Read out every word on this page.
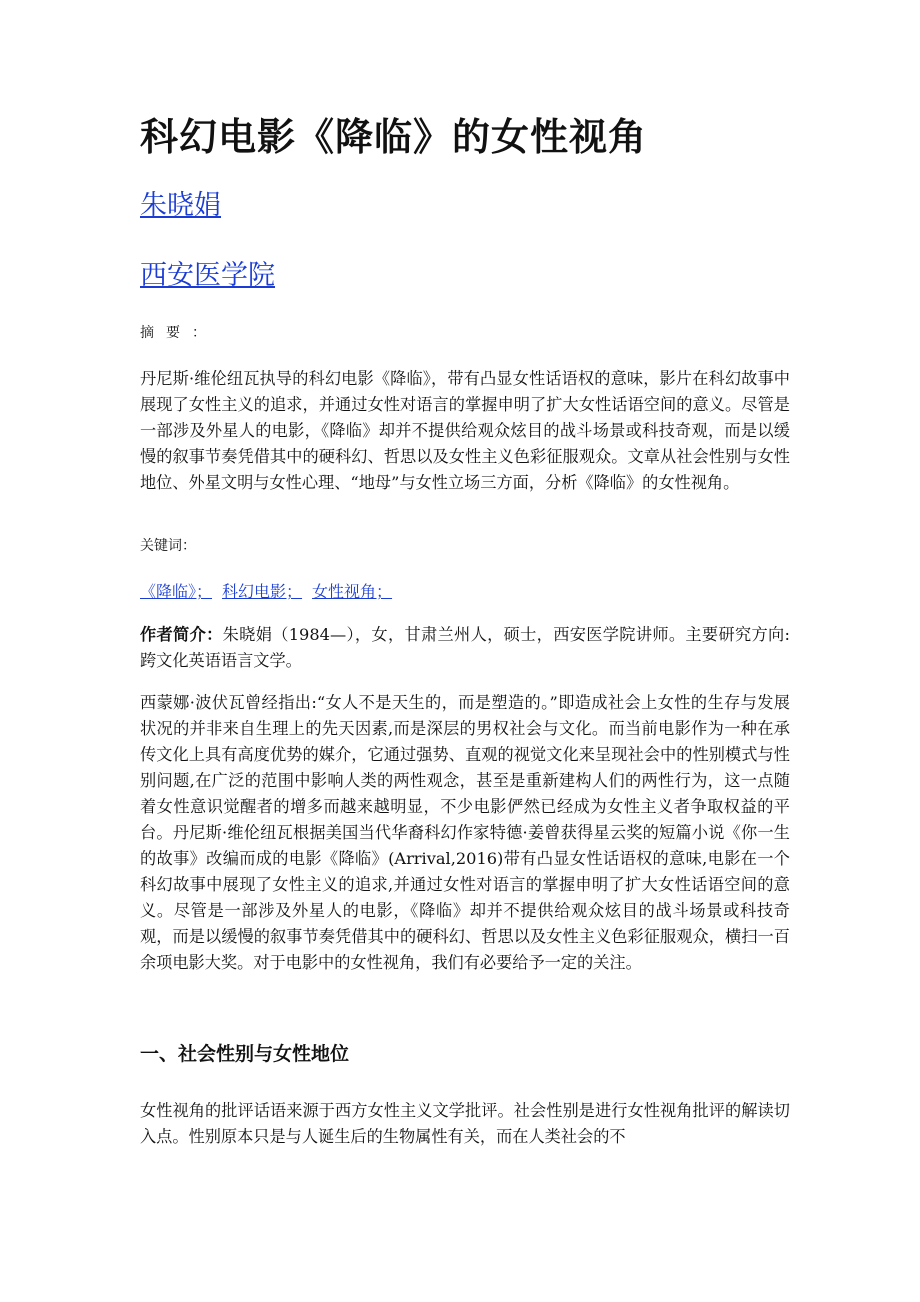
科幻电影《降临》的女性视角
朱晓娟
西安医学院
摘要：

丹尼斯·维伦纽瓦执导的科幻电影《降临》，带有凸显女性话语权的意味，影片在科幻故事中展现了女性主义的追求，并通过女性对语言的掌握申明了扩大女性话语空间的意义。尽管是一部涉及外星人的电影，《降临》却并不提供给观众炫目的战斗场景或科技奇观，而是以缓慢的叙事节奏凭借其中的硬科幻、哲思以及女性主义色彩征服观众。文章从社会性别与女性地位、外星文明与女性心理、“地母”与女性立场三方面，分析《降临》的女性视角。

关键词：
《降临》； 科幻电影； 女性视角；

作者简介：朱晓娟（1984—），女，甘肃兰州人，硕士，西安医学院讲师。主要研究方向:跨文化英语语言文学。

西蒙娜·波伏瓦曾经指出:“女人不是天生的，而是塑造的。”即造成社会上女性的生存与发展状况的并非来自生理上的先天因素,而是深层的男权社会与文化。而当前电影作为一种在承传文化上具有高度优势的媒介，它通过强势、直观的视觉文化来呈现社会中的性别模式与性别问题,在广泛的范围中影响人类的两性观念，甚至是重新建构人们的两性行为，这一点随着女性意识觉醒者的增多而越来越明显，不少电影俨然已经成为女性主义者争取权益的平台。丹尼斯·维伦纽瓦根据美国当代华裔科幻作家特德·姜曾获得星云奖的短篇小说《你一生的故事》改编而成的电影《降临》(Arrival,2016)带有凸显女性话语权的意味,电影在一个科幻故事中展现了女性主义的追求,并通过女性对语言的掌握申明了扩大女性话语空间的意义。尽管是一部涉及外星人的电影，《降临》却并不提供给观众炫目的战斗场景或科技奇观，而是以缓慢的叙事节奏凭借其中的硬科幻、哲思以及女性主义色彩征服观众，横扫一百余项电影大奖。对于电影中的女性视角，我们有必要给予一定的关注。

一、社会性别与女性地位

女性视角的批评话语来源于西方女性主义文学批评。社会性别是进行女性视角批评的解读切入点。性别原本只是与人诞生后的生物属性有关，而在人类社会的不
